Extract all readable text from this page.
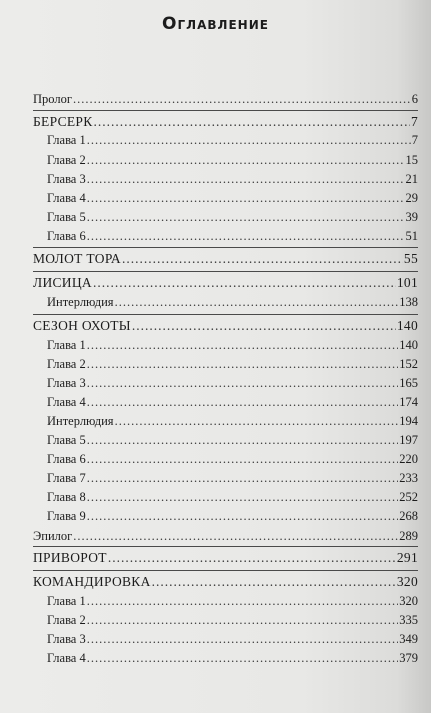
Оглавление
Пролог .....	6
БЕРСЕРК .....	7
Глава 1 .....	7
Глава 2 .....	15
Глава 3 .....	21
Глава 4 .....	29
Глава 5 .....	39
Глава 6 .....	51
МОЛОТ ТОРА .....	55
ЛИСИЦА .....	101
Интерлюдия .....	138
СЕЗОН ОХОТЫ .....	140
Глава 1 .....	140
Глава 2 .....	152
Глава 3 .....	165
Глава 4 .....	174
Интерлюдия .....	194
Глава 5 .....	197
Глава 6 .....	220
Глава 7 .....	233
Глава 8 .....	252
Глава 9 .....	268
Эпилог .....	289
ПРИВОРОТ .....	291
КОМАНДИРОВКА .....	320
Глава 1 .....	320
Глава 2 .....	335
Глава 3 .....	349
Глава 4 .....	379
